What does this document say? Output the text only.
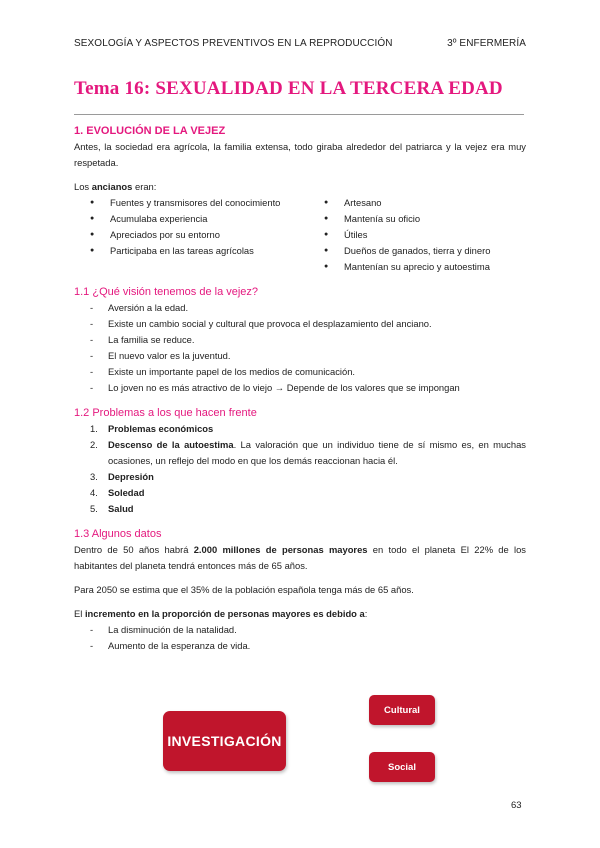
SEXOLOGÍA Y ASPECTOS PREVENTIVOS EN LA REPRODUCCIÓN	3º ENFERMERÍA
Tema 16: SEXUALIDAD EN LA TERCERA EDAD

1. EVOLUCIÓN DE LA VEJEZ

Antes, la sociedad era agrícola, la familia extensa, todo giraba alrededor del patriarca y la vejez era muy respetada.

Los ancianos eran:

● Fuentes y transmisores del conocimiento
● Acumulaba experiencia
● Apreciados por su entorno
● Participaba en las tareas agrícolas
● Artesano
● Mantenía su oficio
● Útiles
● Dueños de ganados, tierra y dinero
● Mantenían su aprecio y autoestima

1.1 ¿Qué visión tenemos de la vejez?

- Aversión a la edad.
- Existe un cambio social y cultural que provoca el desplazamiento del anciano.
- La familia se reduce.
- El nuevo valor es la juventud.
- Existe un importante papel de los medios de comunicación.
- Lo joven no es más atractivo de lo viejo → Depende de los valores que se impongan

1.2 Problemas a los que hacen frente

1. Problemas económicos
2. Descenso de la autoestima. La valoración que un individuo tiene de sí mismo es, en muchas ocasiones, un reflejo del modo en que los demás reaccionan hacia él.
3. Depresión
4. Soledad
5. Salud

1.3 Algunos datos

Dentro de 50 años habrá 2.000 millones de personas mayores en todo el planeta El 22% de los habitantes del planeta tendrá entonces más de 65 años.

Para 2050 se estima que el 35% de la población española tenga más de 65 años.

El incremento en la proporción de personas mayores es debido a:

- La disminución de la natalidad.
- Aumento de la esperanza de vida.
INVESTIGACIÓN
Cultural
Social
63
